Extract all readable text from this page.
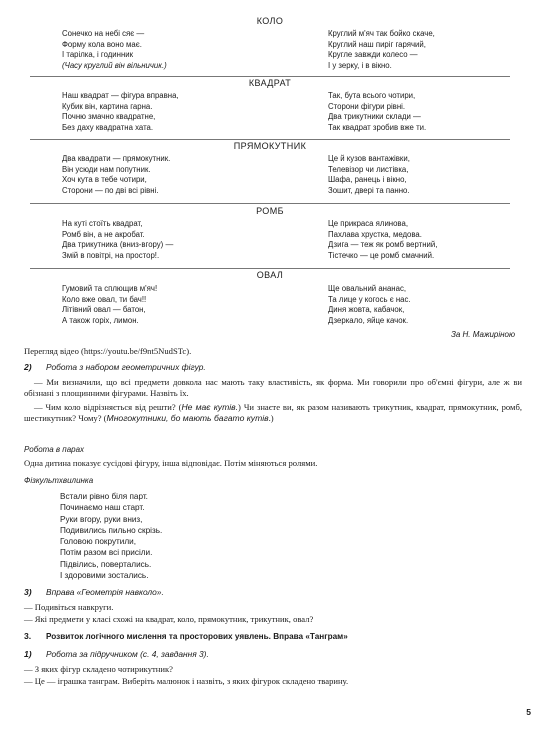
КОЛО
Сонечко на небі сяє —
Форму кола воно має.
І тарілка, і годинник
(Часу круглий він вільничик.)
Круглий м'яч так бойко скаче,
Круглий наш пиріг гарячий,
Кругле завжди колесо —
І у зерку, і в вікно.
КВАДРАТ
Наш квадрат — фігура вправна,
Кубик він, картина гарна.
Почню змачно квадратне,
Без даху квадратна хата.
Так, бута всього чотири,
Сторони фігури рівні.
Два трикутники склади —
Так квадрат зробив вже ти.
ПРЯМОКУТНИК
Два квадрати — прямокутник.
Він усюди нам попутник.
Хоч кута в тебе чотири,
Сторони — по дві всі рівні.
Це й кузов вантажівки,
Телевізор чи листівка,
Шафа, ранець і вікно,
Зошит, двері та панно.
РОМБ
На куті стоїть квадрат,
Ромб він, а не акробат.
Два трикутника (вниз-вгору) —
Змій в повітрі, на простор!.
Це прикраса ялинова,
Пахлава хрустка, медова.
Дзига — теж як ромб вертний,
Тістечко — це ромб смачний.
ОВАЛ
Гумовий та сплющив м'яч!
Коло вже овал, ти бач!!
Літівний овал — батон,
А також горіх, лимон.
Ще овальний ананас,
Та лице у когось є нас.
Диня жовта, кабачок,
Дзеркало, яйце качок.
За Н. Мажиріною
Перегляд відео (https://youtu.be/f9nt5NudSTc).
2) Робота з набором геометричних фігур.
— Ми визначили, що всі предмети довкола нас мають таку властивість, як форма. Ми говорили про об'ємні фігури, але ж ви обізнані з площинними фігурами. Назвіть їх.
— Чим коло відрізняється від решти? (Не має кутів.) Чи знаєте ви, як разом називають трикутник, квадрат, прямокутник, ромб, шестикутник? Чому? (Многокутники, бо мають багато кутів.)
Робота в парах
Одна дитина показує сусідові фігуру, інша відповідає. Потім міняються ролями.
Фізкультхвилинка
Встали рівно біля парт.
Починаємо наш старт.
Руки вгору, руки вниз,
Подивились пильно скрізь.
Головою покрутили,
Потім разом всі присіли.
Підвілись, повертались.
І здоровими зостались.
3) Вправа «Геометрія навколо».
— Подивіться навкруги.
— Які предмети у класі схожі на квадрат, коло, прямокутник, трикутник, овал?
3. Розвиток логічного мислення та просторових уявлень. Вправа «Танграм»
1) Робота за підручником (с. 4, завдання 3).
— З яких фігур складено чотирикутник?
— Це — іграшка танграм. Виберіть малюнок і назвіть, з яких фігурок складено тварину.
5
